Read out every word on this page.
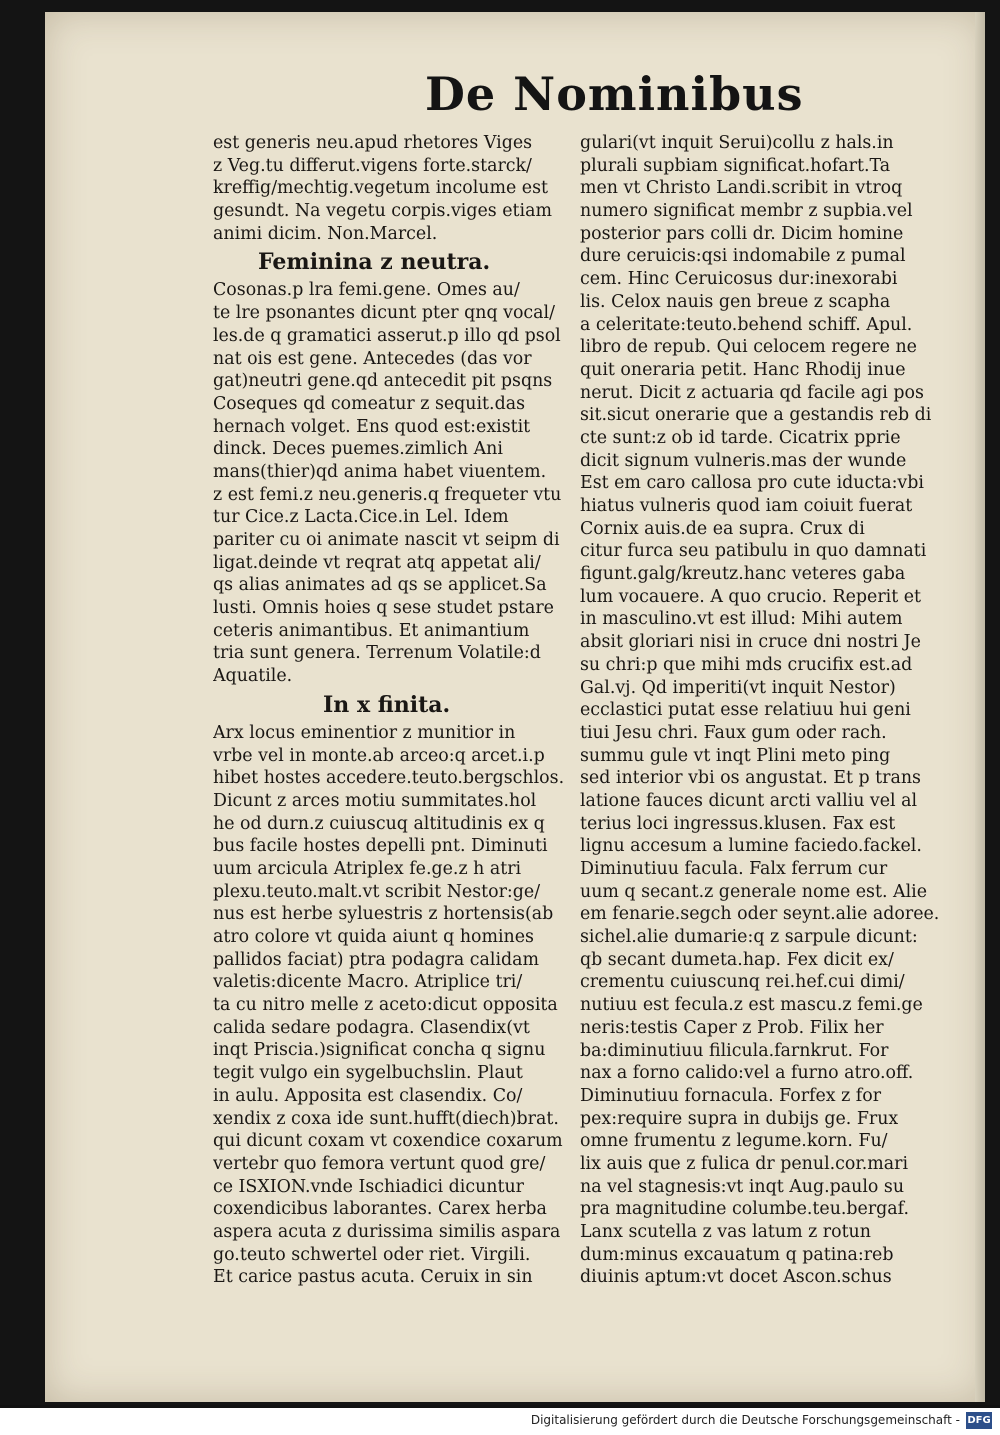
De Nominibus
est generis neu.apud rhetores Viges
z Veg.tu differut.vigens forte.starck/
kreffig/mechtig.vegetum incolume est
gesundt. Na vegetu corpis.viges etiam
animi dicim. Non.Marcel.
Feminina z neutra.
Cosonas.p lra femi.gene. Omes au/
te lre psonantes dicunt pter qnq vocal/
les.de q gramatici asserut.p illo qd psol
nat ois est gene. Antecedes (das vor
gat)neutri gene.qd antecedit pit psqns
Coseques qd comeatur z sequit.das
hernach volget. Ens quod est:existit
dinck. Deces puemes.zimlich Ani
mans(thier)qd anima habet viuentem.
z est femi.z neu.generis.q frequeter vtu
tur Cice.z Lacta.Cice.in Lel. Idem
pariter cu oi animate nascit vt seipm di
ligat.deinde vt reqrat atq appetat ali/
qs alias animates ad qs se applicet.Sa
lusti. Omnis hoies q sese studet pstare
ceteris animantibus. Et animantium
tria sunt genera. Terrenum Volatile:d
Aquatile.
In x finita.
Arx locus eminentior z munitior in
vrbe vel in monte.ab arceo:q arcet.i.p
hibet hostes accedere.teuto.bergschlos.
Dicunt z arces motiu summitates.hol
he od durn.z cuiuscuq altitudinis ex q
bus facile hostes depelli pnt. Diminuti
uum arcicula Atriplex fe.ge.z h atri
plexu.teuto.malt.vt scribit Nestor:ge/
nus est herbe syluestris z hortensis(ab
atro colore vt quida aiunt q homines
pallidos faciat) ptra podagra calidam
valetis:dicente Macro. Atriplice tri/
ta cu nitro melle z aceto:dicut opposita
calida sedare podagra. Clasendix(vt
inqt Priscia.)significat concha q signu
tegit vulgo ein sygelbuchslin. Plaut
in aulu. Apposita est clasendix. Co/
xendix z coxa ide sunt.hufft(diech)brat.
qui dicunt coxam vt coxendice coxarum
vertebr quo femora vertunt quod gre/
ce ISXION.vnde Ischiadici dicuntur
coxendicibus laborantes. Carex herba
aspera acuta z durissima similis aspara
go.teuto schwertel oder riet. Virgili.
Et carice pastus acuta. Ceruix in sin
gulari(vt inquit Serui)collu z hals.in
plurali supbiam significat.hofart.Ta
men vt Christo Landi.scribit in vtroq
numero significat membr z supbia.vel
posterior pars colli dr. Dicim homine
dure ceruicis:qsi indomabile z pumal
cem. Hinc Ceruicosus dur:inexorabi
lis. Celox nauis gen breue z scapha
a celeritate:teuto.behend schiff. Apul.
libro de repub. Qui celocem regere ne
quit oneraria petit. Hanc Rhodij inue
nerut. Dicit z actuaria qd facile agi pos
sit.sicut onerarie que a gestandis reb di
cte sunt:z ob id tarde. Cicatrix pprie
dicit signum vulneris.mas der wunde
Est em caro callosa pro cute iducta:vbi
hiatus vulneris quod iam coiuit fuerat
Cornix auis.de ea supra. Crux di
citur furca seu patibulu in quo damnati
figunt.galg/kreutz.hanc veteres gaba
lum vocauere. A quo crucio. Reperit et
in masculino.vt est illud: Mihi autem
absit gloriari nisi in cruce dni nostri Je
su chri:p que mihi mds crucifix est.ad
Gal.vj. Qd imperiti(vt inquit Nestor)
ecclastici putat esse relatiuu hui geni
tiui Jesu chri. Faux gum oder rach.
summu gule vt inqt Plini meto ping
sed interior vbi os angustat. Et p trans
latione fauces dicunt arcti valliu vel al
terius loci ingressus.klusen. Fax est
lignu accesum a lumine faciedo.fackel.
Diminutiuu facula. Falx ferrum cur
uum q secant.z generale nome est. Alie
em fenarie.segch oder seynt.alie adoree.
sichel.alie dumarie:q z sarpule dicunt:
qb secant dumeta.hap. Fex dicit ex/
crementu cuiuscunq rei.hef.cui dimi/
nutiuu est fecula.z est mascu.z femi.ge
neris:testis Caper z Prob. Filix her
ba:diminutiuu filicula.farnkrut. For
nax a forno calido:vel a furno atro.off.
Diminutiuu fornacula. Forfex z for
pex:require supra in dubijs ge. Frux
omne frumentu z legume.korn. Fu/
lix auis que z fulica dr penul.cor.mari
na vel stagnesis:vt inqt Aug.paulo su
pra magnitudine columbe.teu.bergaf.
Lanx scutella z vas latum z rotun
dum:minus excauatum q patina:reb
diuinis aptum:vt docet Ascon.schus
Digitalisierung gefördert durch die Deutsche Forschungsgemeinschaft - DFG
